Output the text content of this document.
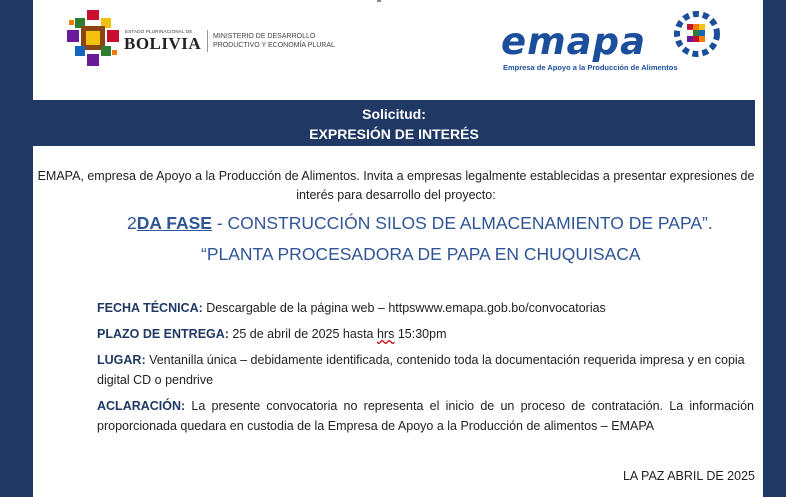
ESTADO PLURINACIONAL DE
BOLIVIA MINISTERIO DE DESARROLLO
PRODUCTIVO Y ECONOMÍA PLURAL	emapa
Empresa de Apoyo a la Producción de Alimentos
Solicitud:
EXPRESIÓN DE INTERÉS
EMAPA, empresa de Apoyo a la Producción de Alimentos. Invita a empresas legalmente establecidas a presentar expresiones de interés para desarrollo del proyecto:
2DA FASE - CONSTRUCCIÓN SILOS DE ALMACENAMIENTO DE PAPA”.
“PLANTA PROCESADORA DE PAPA EN CHUQUISACA
FECHA TÉCNICA: Descargable de la página web – httpswww.emapa.gob.bo/convocatorias
PLAZO DE ENTREGA: 25 de abril de 2025 hasta hrs 15:30pm
LUGAR: Ventanilla única – debidamente identificada, contenido toda la documentación requerida impresa y en copia digital CD o pendrive
ACLARACIÓN: La presente convocatoria no representa el inicio de un proceso de contratación. La información proporcionada quedara en custodia de la Empresa de Apoyo a la Producción de alimentos – EMAPA
LA PAZ ABRIL DE 2025
